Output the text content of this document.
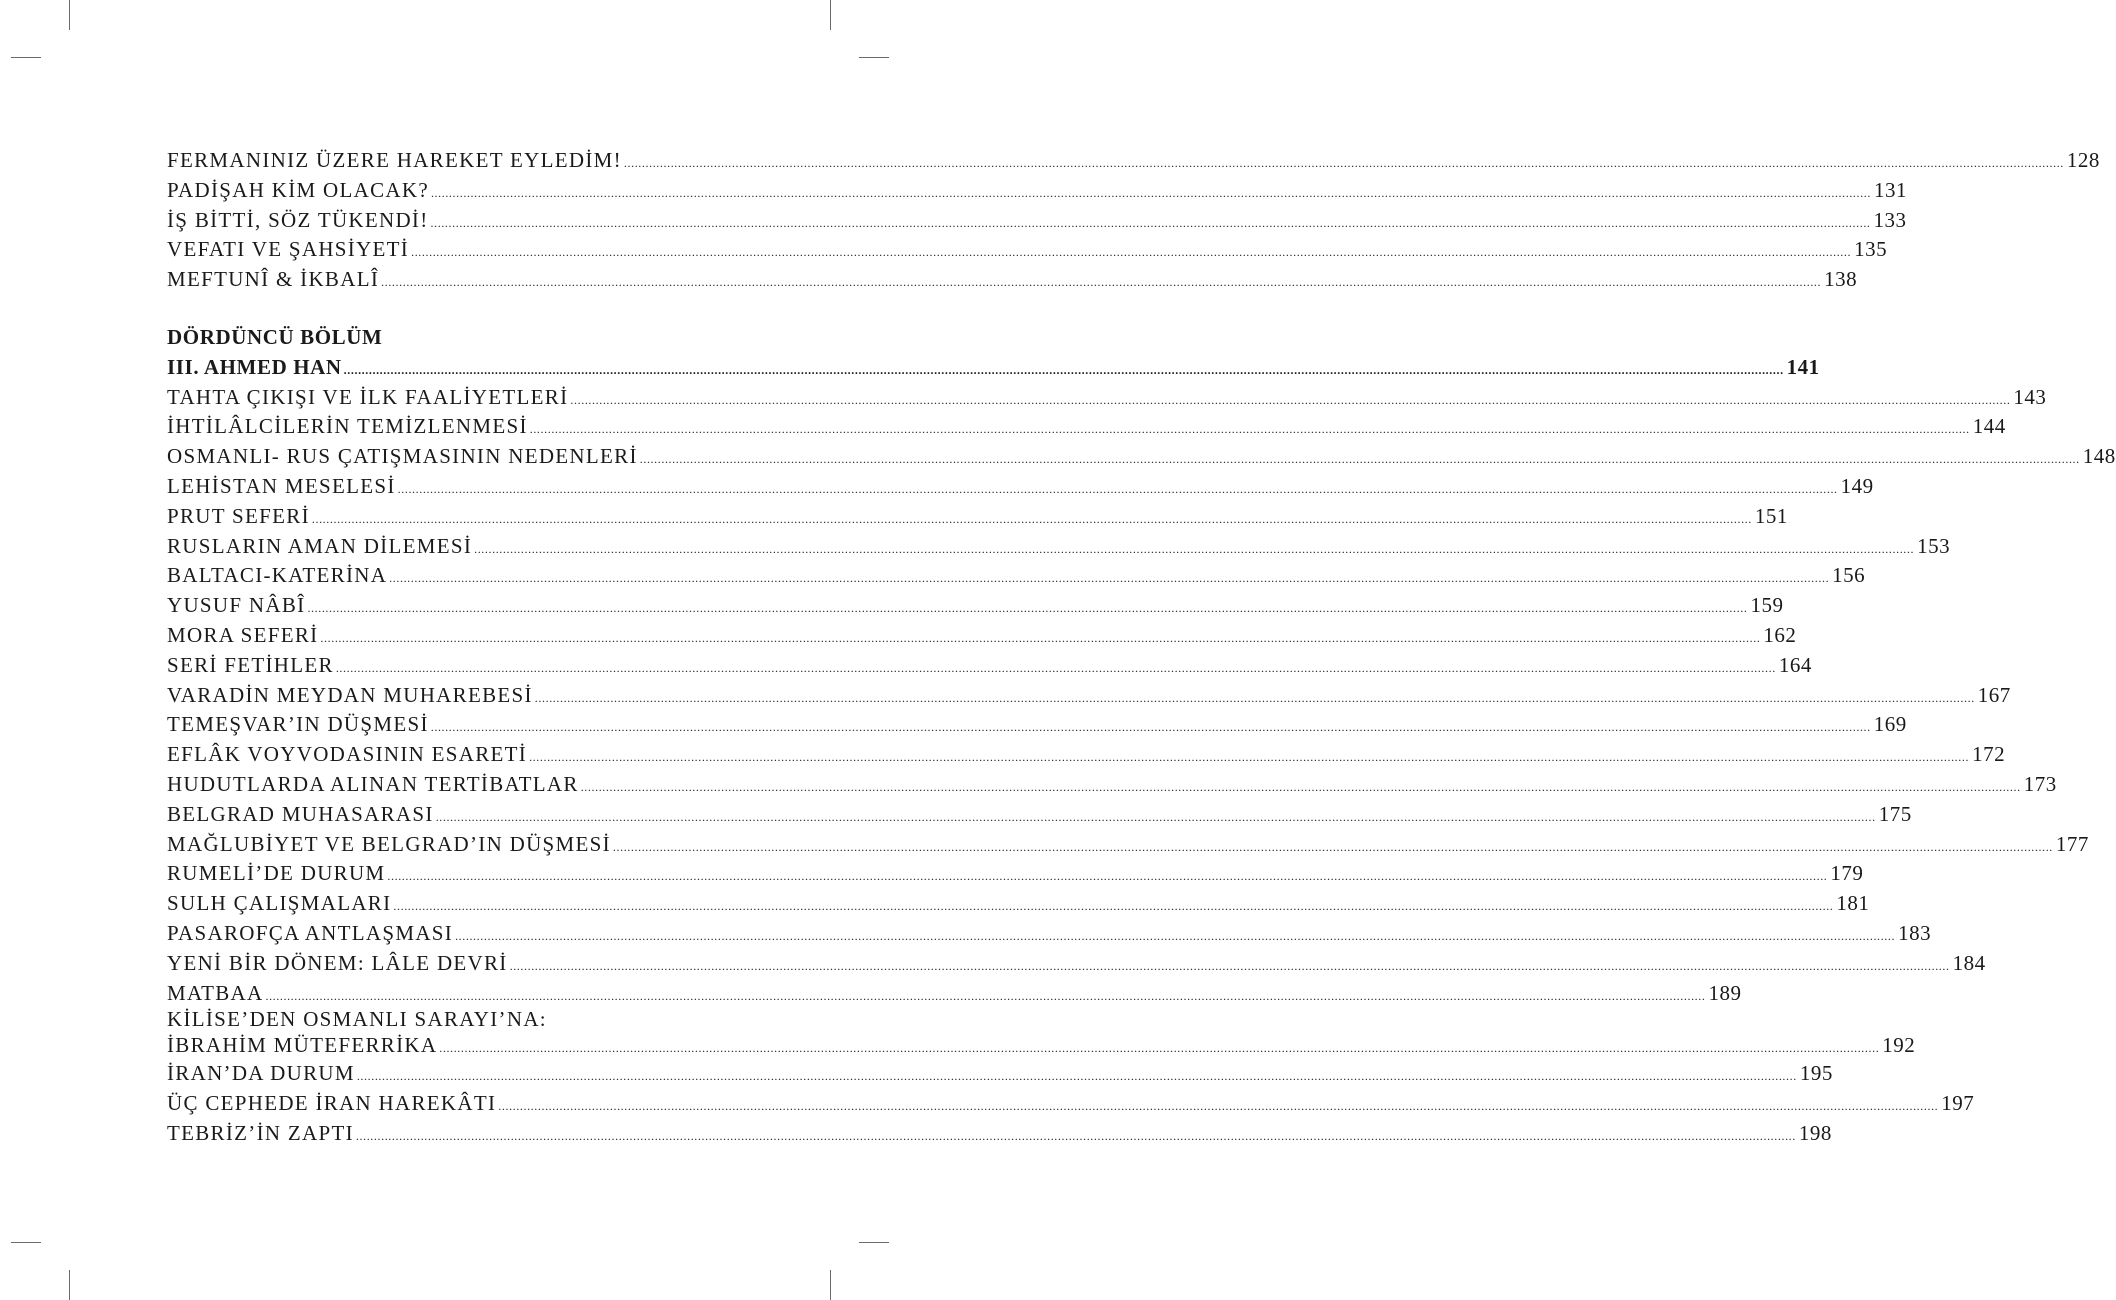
FERMANINIZ ÜZERE HAREKET EYLEDİM! ................................................................................................................................................................................................................................................................................................................................................................................................................ 128
PADİŞAH KİM OLACAK? ................................................................................................................................................................................................................................................................................................................................................................................................................ 131
İŞ BİTTİ, SÖZ TÜKENDİ! ................................................................................................................................................................................................................................................................................................................................................................................................................ 133
VEFATI VE ŞAHSİYETİ ................................................................................................................................................................................................................................................................................................................................................................................................................ 135
MEFTUNÎ & İKBALÎ ................................................................................................................................................................................................................................................................................................................................................................................................................ 138
DÖRDÜNCÜ BÖLÜM
III. AHMED HAN ................................................................................................................................................................................................................................................................................................................................................................................................................ 141
TAHTA ÇIKIŞI VE İLK FAALİYETLERİ ................................................................................................................................................................................................................................................................................................................................................................................................................ 143
İHTİLÂLCİLERİN TEMİZLENMESİ ................................................................................................................................................................................................................................................................................................................................................................................................................ 144
OSMANLI- RUS ÇATIŞMASININ NEDENLERİ ................................................................................................................................................................................................................................................................................................................................................................................................................ 148
LEHİSTAN MESELESİ ................................................................................................................................................................................................................................................................................................................................................................................................................ 149
PRUT SEFERİ ................................................................................................................................................................................................................................................................................................................................................................................................................ 151
RUSLARIN AMAN DİLEMESİ ................................................................................................................................................................................................................................................................................................................................................................................................................ 153
BALTACI-KATERİNA ................................................................................................................................................................................................................................................................................................................................................................................................................ 156
YUSUF NÂBÎ ................................................................................................................................................................................................................................................................................................................................................................................................................ 159
MORA SEFERİ ................................................................................................................................................................................................................................................................................................................................................................................................................ 162
SERİ FETİHLER ................................................................................................................................................................................................................................................................................................................................................................................................................ 164
VARADİN MEYDAN MUHAREBESİ ................................................................................................................................................................................................................................................................................................................................................................................................................ 167
TEMEŞVAR’IN DÜŞMESİ ................................................................................................................................................................................................................................................................................................................................................................................................................ 169
EFLÂK VOYVODASININ ESARETİ ................................................................................................................................................................................................................................................................................................................................................................................................................ 172
HUDUTLARDA ALINAN TERTİBATLAR ................................................................................................................................................................................................................................................................................................................................................................................................................ 173
BELGRAD MUHASARASI ................................................................................................................................................................................................................................................................................................................................................................................................................ 175
MAĞLUBİYET VE BELGRAD’IN DÜŞMESİ ................................................................................................................................................................................................................................................................................................................................................................................................................ 177
RUMELİ’DE DURUM ................................................................................................................................................................................................................................................................................................................................................................................................................ 179
SULH ÇALIŞMALARI ................................................................................................................................................................................................................................................................................................................................................................................................................ 181
PASAROFÇA ANTLAŞMASI ................................................................................................................................................................................................................................................................................................................................................................................................................ 183
YENİ BİR DÖNEM: LÂLE DEVRİ ................................................................................................................................................................................................................................................................................................................................................................................................................ 184
MATBAA ................................................................................................................................................................................................................................................................................................................................................................................................................ 189
KİLİSE’DEN OSMANLI SARAYI’NA:
İBRAHİM MÜTEFERRİKA ................................................................................................................................................................................................................................................................................................................................................................................................................ 192
İRAN’DA DURUM ................................................................................................................................................................................................................................................................................................................................................................................................................ 195
ÜÇ CEPHEDE İRAN HAREKÂTI ................................................................................................................................................................................................................................................................................................................................................................................................................ 197
TEBRİZ’İN ZAPTI ................................................................................................................................................................................................................................................................................................................................................................................................................ 198
